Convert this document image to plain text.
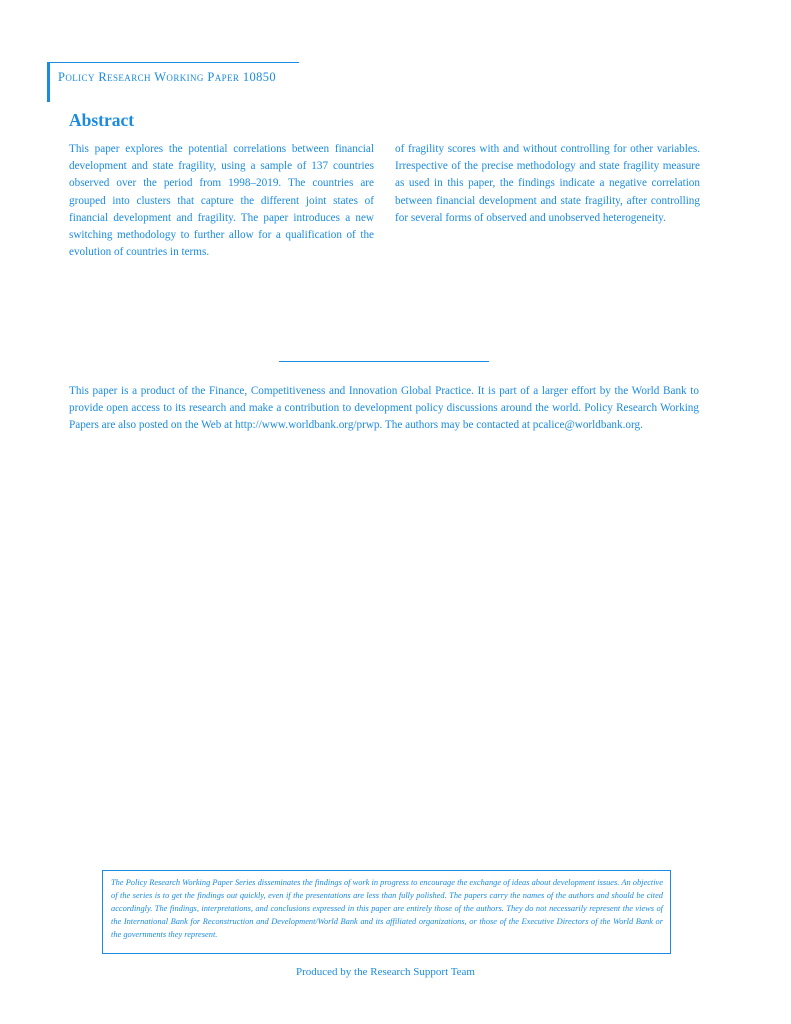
Policy Research Working Paper 10850
Abstract
This paper explores the potential correlations between financial development and state fragility, using a sample of 137 countries observed over the period from 1998–2019. The countries are grouped into clusters that capture the different joint states of financial development and fragility. The paper introduces a new switching methodology to further allow for a qualification of the evolution of countries in terms.
of fragility scores with and without controlling for other variables. Irrespective of the precise methodology and state fragility measure as used in this paper, the findings indicate a negative correlation between financial development and state fragility, after controlling for several forms of observed and unobserved heterogeneity.
This paper is a product of the Finance, Competitiveness and Innovation Global Practice. It is part of a larger effort by the World Bank to provide open access to its research and make a contribution to development policy discussions around the world. Policy Research Working Papers are also posted on the Web at http://www.worldbank.org/prwp. The authors may be contacted at pcalice@worldbank.org.
The Policy Research Working Paper Series disseminates the findings of work in progress to encourage the exchange of ideas about development issues. An objective of the series is to get the findings out quickly, even if the presentations are less than fully polished. The papers carry the names of the authors and should be cited accordingly. The findings, interpretations, and conclusions expressed in this paper are entirely those of the authors. They do not necessarily represent the views of the International Bank for Reconstruction and Development/World Bank and its affiliated organizations, or those of the Executive Directors of the World Bank or the governments they represent.
Produced by the Research Support Team
